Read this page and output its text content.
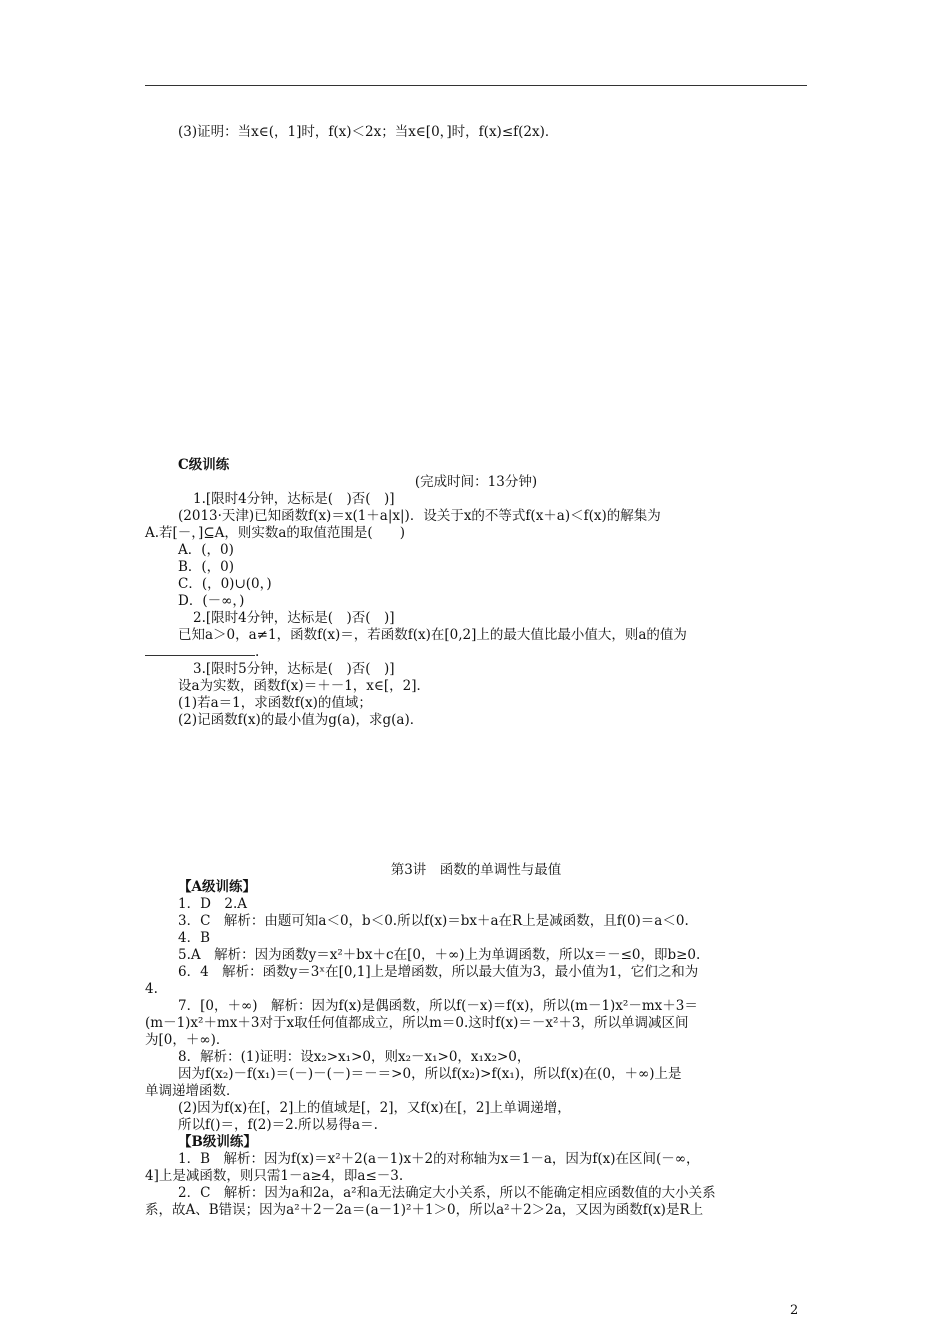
(3)证明：当x∈(，1]时，f(x)＜2x；当x∈[0，]时，f(x)≤f(2x)．
C级训练
(完成时间：13分钟)
1.[限时4分钟，达标是(　)否(　)]
(2013·天津)已知函数f(x)＝x(1＋a|x|)．设关于x的不等式f(x＋a)＜f(x)的解集为
A.若[－，]⊆A，则实数a的取值范围是(　　)
A．(，0)
B．(，0)
C．(，0)∪(0，)
D．(－∞，)
2.[限时4分钟，达标是(　)否(　)]
已知a＞0，a≠1，函数f(x)＝，若函数f(x)在[0,2]上的最大值比最小值大，则a的值为
.
3.[限时5分钟，达标是(　)否(　)]
设a为实数，函数f(x)＝＋－1，x∈[，2]．
(1)若a＝1，求函数f(x)的值域；
(2)记函数f(x)的最小值为g(a)，求g(a)．
第3讲　函数的单调性与最值
【A级训练】
1．D　2.A
3．C　解析：由题可知a＜0，b＜0.所以f(x)＝bx＋a在R上是减函数，且f(0)＝a＜0.
4．B
5.A　解析：因为函数y＝x²＋bx＋c在[0，＋∞)上为单调函数，所以x＝－≤0，即b≥0.
6．4　解析：函数y＝3ˣ在[0,1]上是增函数，所以最大值为3，最小值为1，它们之和为
4.
7．[0，＋∞)　解析：因为f(x)是偶函数，所以f(－x)＝f(x)，所以(m－1)x²－mx＋3＝
(m－1)x²＋mx＋3对于x取任何值都成立，所以m＝0.这时f(x)＝－x²＋3，所以单调减区间
为[0，＋∞)．
8．解析：(1)证明：设x₂>x₁>0，则x₂－x₁>0，x₁x₂>0，
因为f(x₂)－f(x₁)＝(－)－(－)＝－＝>0，所以f(x₂)>f(x₁)，所以f(x)在(0，＋∞)上是
单调递增函数．
(2)因为f(x)在[，2]上的值域是[，2]，又f(x)在[，2]上单调递增，
所以f()＝，f(2)＝2.所以易得a＝.
【B级训练】
1．B　解析：因为f(x)＝x²＋2(a－1)x＋2的对称轴为x＝1－a，因为f(x)在区间(－∞，
4]上是减函数，则只需1－a≥4，即a≤－3.
2．C　解析：因为a和2a，a²和a无法确定大小关系，所以不能确定相应函数值的大小关系
系，故A、B错误；因为a²＋2－2a＝(a－1)²＋1＞0，所以a²＋2＞2a，又因为函数f(x)是R上
2
